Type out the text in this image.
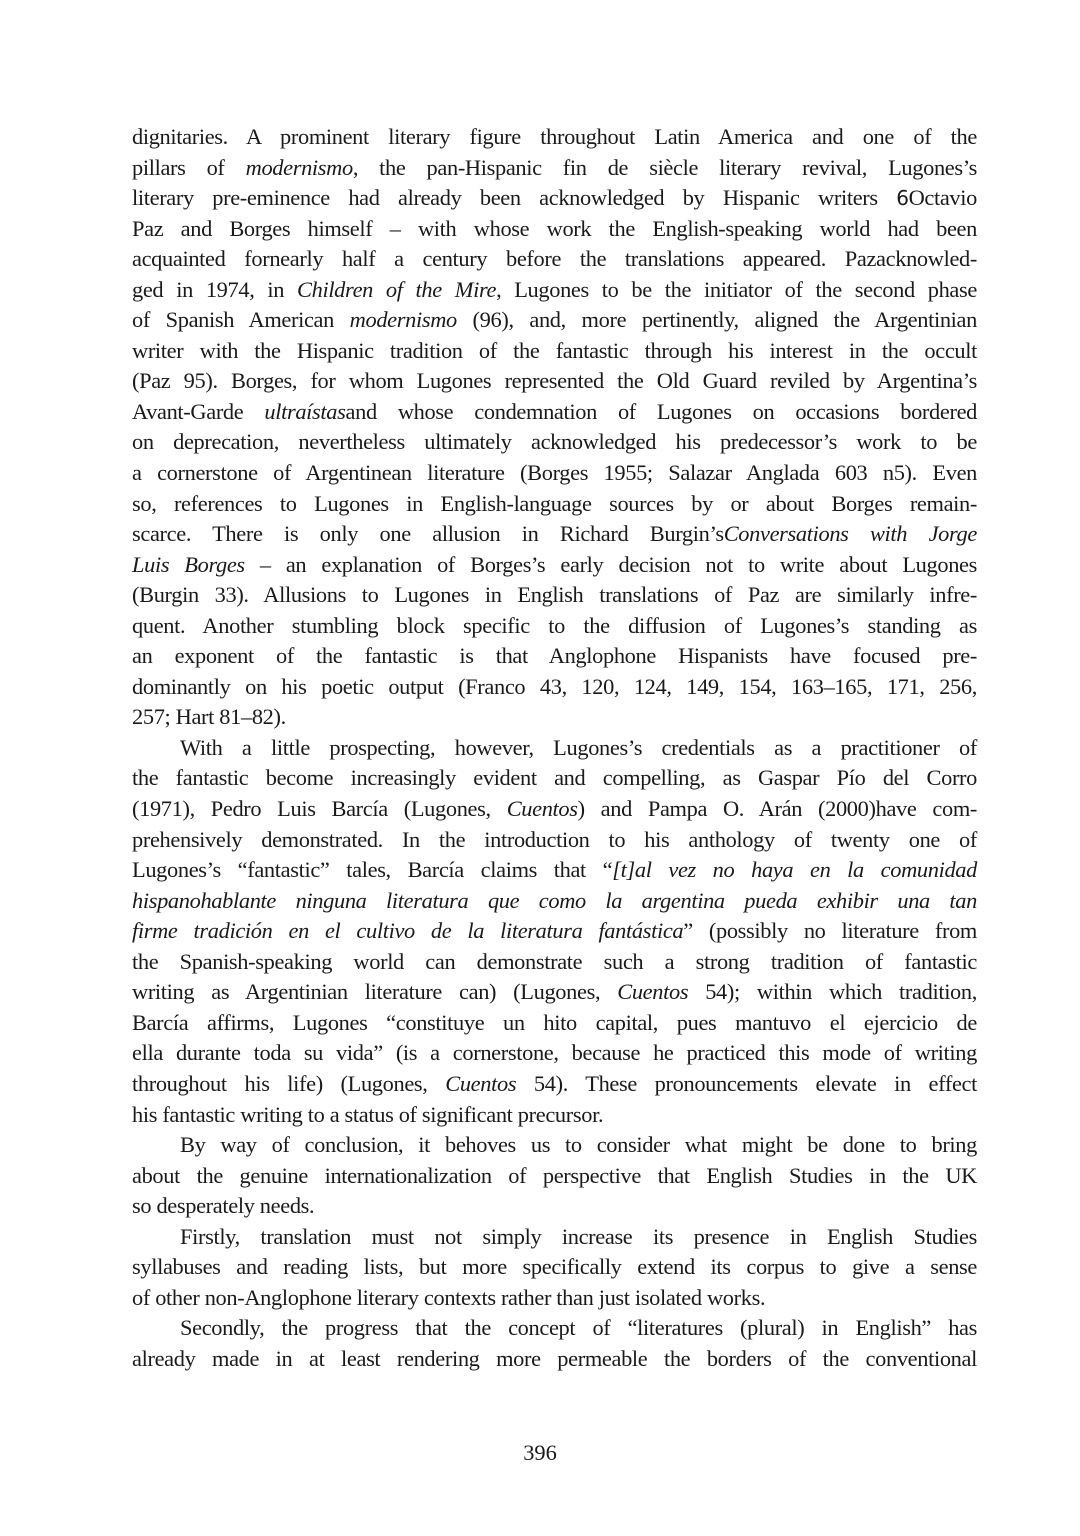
dignitaries. A prominent literary figure throughout Latin America and one of the
pillars of modernismo, the pan-Hispanic fin de siècle literary revival, Lugones’s
literary pre-eminence had already been acknowledged by Hispanic writers 6Octavio
Paz and Borges himself – with whose work the English-speaking world had been
acquainted fornearly half a century before the translations appeared. Pazacknowled-
ged in 1974, in Children of the Mire, Lugones to be the initiator of the second phase
of Spanish American modernismo (96), and, more pertinently, aligned the Argentinian
writer with the Hispanic tradition of the fantastic through his interest in the occult
(Paz 95). Borges, for whom Lugones represented the Old Guard reviled by Argentina’s
Avant-Garde ultraístasand whose condemnation of Lugones on occasions bordered
on deprecation, nevertheless ultimately acknowledged his predecessor’s work to be
a cornerstone of Argentinean literature (Borges 1955; Salazar Anglada 603 n5). Even
so, references to Lugones in English-language sources by or about Borges remain-
scarce. There is only one allusion in Richard Burgin’sConversations with Jorge
Luis Borges – an explanation of Borges’s early decision not to write about Lugones
(Burgin 33). Allusions to Lugones in English translations of Paz are similarly infre-
quent. Another stumbling block specific to the diffusion of Lugones’s standing as
an exponent of the fantastic is that Anglophone Hispanists have focused pre-
dominantly on his poetic output (Franco 43, 120, 124, 149, 154, 163–165, 171, 256,
257; Hart 81–82).
With a little prospecting, however, Lugones’s credentials as a practitioner of
the fantastic become increasingly evident and compelling, as Gaspar Pío del Corro
(1971), Pedro Luis Barcía (Lugones, Cuentos) and Pampa O. Arán (2000)have com-
prehensively demonstrated. In the introduction to his anthology of twenty one of
Lugones’s “fantastic” tales, Barcía claims that “[t]al vez no haya en la comunidad
hispanohablante ninguna literatura que como la argentina pueda exhibir una tan
firme tradición en el cultivo de la literatura fantástica” (possibly no literature from
the Spanish-speaking world can demonstrate such a strong tradition of fantastic
writing as Argentinian literature can) (Lugones, Cuentos 54); within which tradition,
Barcía affirms, Lugones “constituye un hito capital, pues mantuvo el ejercicio de
ella durante toda su vida” (is a cornerstone, because he practiced this mode of writing
throughout his life) (Lugones, Cuentos 54). These pronouncements elevate in effect
his fantastic writing to a status of significant precursor.
By way of conclusion, it behoves us to consider what might be done to bring
about the genuine internationalization of perspective that English Studies in the UK
so desperately needs.
Firstly, translation must not simply increase its presence in English Studies
syllabuses and reading lists, but more specifically extend its corpus to give a sense
of other non-Anglophone literary contexts rather than just isolated works.
Secondly, the progress that the concept of “literatures (plural) in English” has
already made in at least rendering more permeable the borders of the conventional
396
